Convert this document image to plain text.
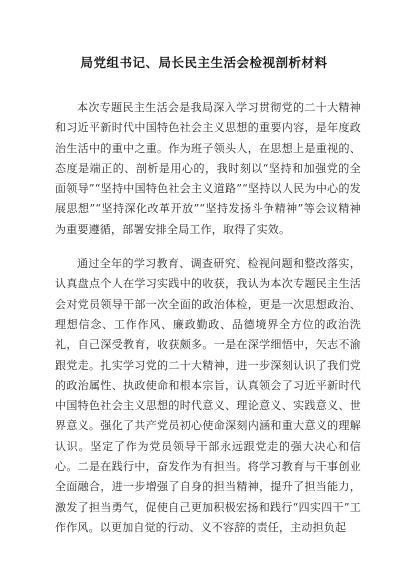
局党组书记、局长民主生活会检视剖析材料

本次专题民主生活会是我局深入学习贯彻党的二十大精神和习近平新时代中国特色社会主义思想的重要内容，是年度政治生活中的重中之重。作为班子领头人，在思想上是重视的、态度是端正的、剖析是用心的，我时刻以“坚持和加强党的全面领导”“坚持中国特色社会主义道路”“坚持以人民为中心的发展思想”“坚持深化改革开放”“坚持发扬斗争精神”等会议精神为重要遵循，部署安排全局工作，取得了实效。

通过全年的学习教育、调查研究、检视问题和整改落实，认真盘点个人在学习实践中的收获，我认为本次专题民主生活会对党员领导干部一次全面的政治体检，更是一次思想政治、理想信念、工作作风、廉政勤政、品德境界全方位的政治洗礼，自己深受教育，收获颇多。一是在深学细悟中，矢志不渝跟党走。扎实学习党的二十大精神，进一步深刻认识了我们党的政治属性、执政使命和根本宗旨，认真领会了习近平新时代中国特色社会主义思想的时代意义、理论意义、实践意义、世界意义。强化了共产党员初心使命深刻内涵和重大意义的理解认识。坚定了作为党员领导干部永远跟党走的强大决心和信心。二是在践行中，奋发作为有担当。将学习教育与干事创业全面融合，进一步增强了自身的担当精神，提升了担当能力，激发了担当勇气，促使自己更加积极宏扬和践行“四实四干”工作作风。以更加自觉的行动、义不容辞的责任，主动担负起
